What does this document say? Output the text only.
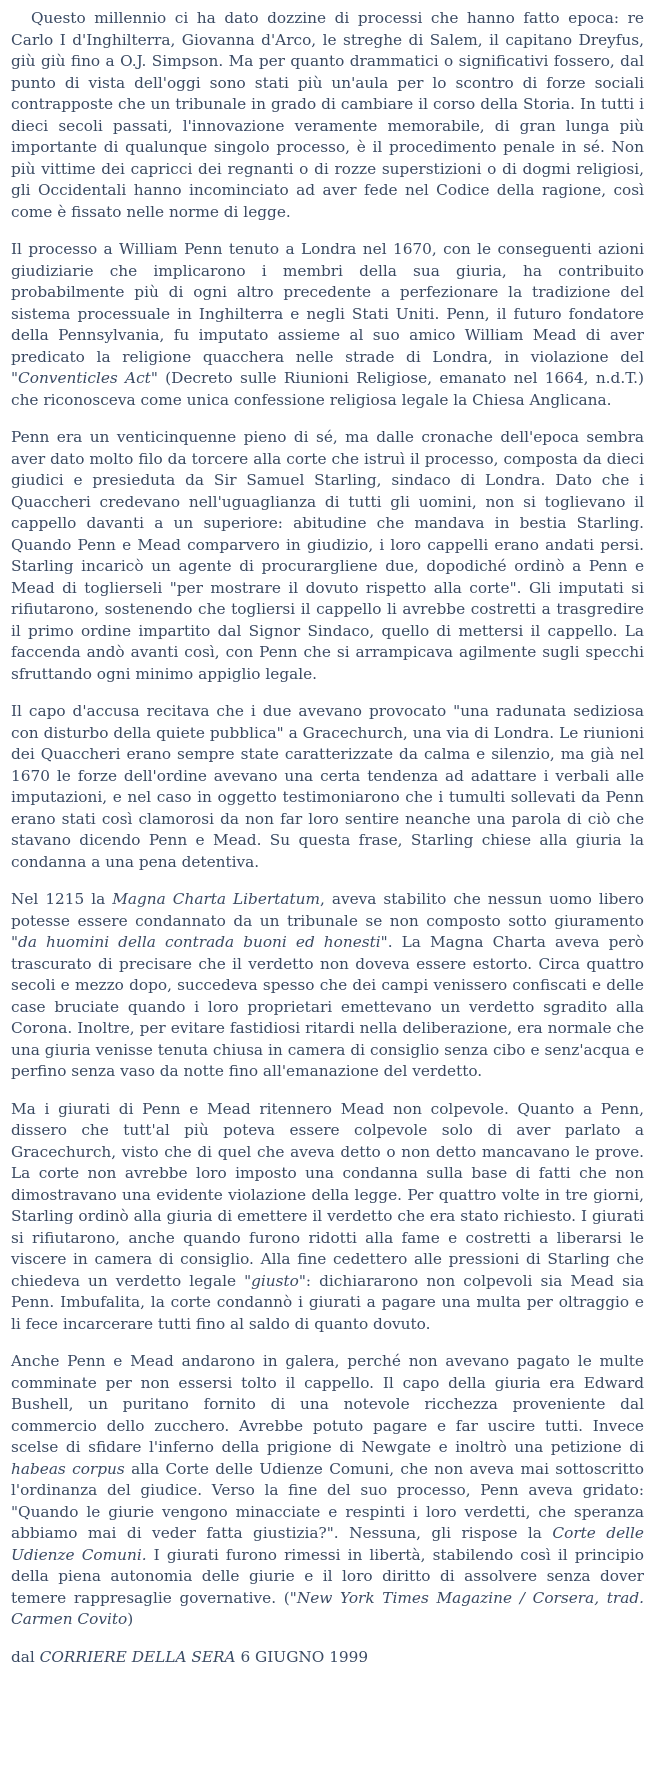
Questo millennio ci ha dato dozzine di processi che hanno fatto epoca: re Carlo I d'Inghilterra, Giovanna d'Arco, le streghe di Salem, il capitano Dreyfus, giù giù fino a O.J. Simpson. Ma per quanto drammatici o significativi fossero, dal punto di vista dell'oggi sono stati più un'aula per lo scontro di forze sociali contrapposte che un tribunale in grado di cambiare il corso della Storia. In tutti i dieci secoli passati, l'innovazione veramente memorabile, di gran lunga più importante di qualunque singolo processo, è il procedimento penale in sé. Non più vittime dei capricci dei regnanti o di rozze superstizioni o di dogmi religiosi, gli Occidentali hanno incominciato ad aver fede nel Codice della ragione, così come è fissato nelle norme di legge.

Il processo a William Penn tenuto a Londra nel 1670, con le conseguenti azioni giudiziarie che implicarono i membri della sua giuria, ha contribuito probabilmente più di ogni altro precedente a perfezionare la tradizione del sistema processuale in Inghilterra e negli Stati Uniti. Penn, il futuro fondatore della Pennsylvania, fu imputato assieme al suo amico William Mead di aver predicato la religione quacchera nelle strade di Londra, in violazione del "Conventicles Act" (Decreto sulle Riunioni Religiose, emanato nel 1664, n.d.T.) che riconosceva come unica confessione religiosa legale la Chiesa Anglicana.

Penn era un venticinquenne pieno di sé, ma dalle cronache dell'epoca sembra aver dato molto filo da torcere alla corte che istruì il processo, composta da dieci giudici e presieduta da Sir Samuel Starling, sindaco di Londra. Dato che i Quaccheri credevano nell'uguaglianza di tutti gli uomini, non si toglievano il cappello davanti a un superiore: abitudine che mandava in bestia Starling. Quando Penn e Mead comparvero in giudizio, i loro cappelli erano andati persi. Starling incaricò un agente di procurargliene due, dopodiché ordinò a Penn e Mead di toglierseli "per mostrare il dovuto rispetto alla corte". Gli imputati si rifiutarono, sostenendo che togliersi il cappello li avrebbe costretti a trasgredire il primo ordine impartito dal Signor Sindaco, quello di mettersi il cappello. La faccenda andò avanti così, con Penn che si arrampicava agilmente sugli specchi sfruttando ogni minimo appiglio legale.

Il capo d'accusa recitava che i due avevano provocato "una radunata sediziosa con disturbo della quiete pubblica" a Gracechurch, una via di Londra. Le riunioni dei Quaccheri erano sempre state caratterizzate da calma e silenzio, ma già nel 1670 le forze dell'ordine avevano una certa tendenza ad adattare i verbali alle imputazioni, e nel caso in oggetto testimoniarono che i tumulti sollevati da Penn erano stati così clamorosi da non far loro sentire neanche una parola di ciò che stavano dicendo Penn e Mead. Su questa frase, Starling chiese alla giuria la condanna a una pena detentiva.

Nel 1215 la Magna Charta Libertatum, aveva stabilito che nessun uomo libero potesse essere condannato da un tribunale se non composto sotto giuramento "da huomini della contrada buoni ed honesti". La Magna Charta aveva però trascurato di precisare che il verdetto non doveva essere estorto. Circa quattro secoli e mezzo dopo, succedeva spesso che dei campi venissero confiscati e delle case bruciate quando i loro proprietari emettevano un verdetto sgradito alla Corona. Inoltre, per evitare fastidiosi ritardi nella deliberazione, era normale che una giuria venisse tenuta chiusa in camera di consiglio senza cibo e senz'acqua e perfino senza vaso da notte fino all'emanazione del verdetto.

Ma i giurati di Penn e Mead ritennero Mead non colpevole. Quanto a Penn, dissero che tutt'al più poteva essere colpevole solo di aver parlato a Gracechurch, visto che di quel che aveva detto o non detto mancavano le prove. La corte non avrebbe loro imposto una condanna sulla base di fatti che non dimostravano una evidente violazione della legge. Per quattro volte in tre giorni, Starling ordinò alla giuria di emettere il verdetto che era stato richiesto. I giurati si rifiutarono, anche quando furono ridotti alla fame e costretti a liberarsi le viscere in camera di consiglio. Alla fine cedettero alle pressioni di Starling che chiedeva un verdetto legale "giusto": dichiararono non colpevoli sia Mead sia Penn. Imbufalita, la corte condannò i giurati a pagare una multa per oltraggio e li fece incarcerare tutti fino al saldo di quanto dovuto.

Anche Penn e Mead andarono in galera, perché non avevano pagato le multe comminate per non essersi tolto il cappello. Il capo della giuria era Edward Bushell, un puritano fornito di una notevole ricchezza proveniente dal commercio dello zucchero. Avrebbe potuto pagare e far uscire tutti. Invece scelse di sfidare l'inferno della prigione di Newgate e inoltrò una petizione di habeas corpus alla Corte delle Udienze Comuni, che non aveva mai sottoscritto l'ordinanza del giudice. Verso la fine del suo processo, Penn aveva gridato: "Quando le giurie vengono minacciate e respinti i loro verdetti, che speranza abbiamo mai di veder fatta giustizia?". Nessuna, gli rispose la Corte delle Udienze Comuni. I giurati furono rimessi in libertà, stabilendo così il principio della piena autonomia delle giurie e il loro diritto di assolvere senza dover temere rappresaglie governative. ("New York Times Magazine / Corsera, trad. Carmen Covito)

dal CORRIERE DELLA SERA 6 GIUGNO 1999
